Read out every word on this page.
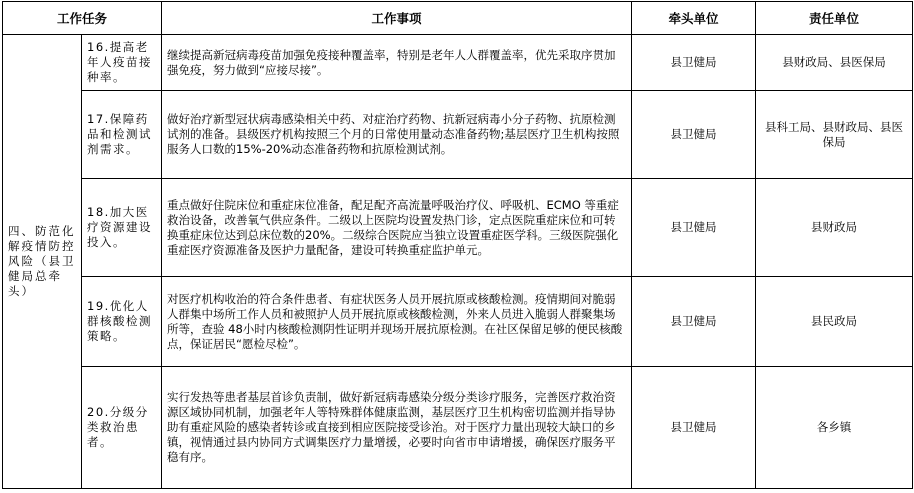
工作任务		工作事项	牵头单位	责任单位
四、防范化解疫情防控风险（县卫健局总牵头）	16.提高老年人疫苗接种率。	继续提高新冠病毒疫苗加强免疫接种覆盖率，特别是老年人人群覆盖率，优先采取序贯加强免疫，努力做到“应接尽接”。	县卫健局	县财政局、县医保局
	17.保障药品和检测试剂需求。	做好治疗新型冠状病毒感染相关中药、对症治疗药物、抗新冠病毒小分子药物、抗原检测试剂的准备。县级医疗机构按照三个月的日常使用量动态准备药物;基层医疗卫生机构按照服务人口数的15%-20%动态准备药物和抗原检测试剂。	县卫健局	县科工局、县财政局、县医保局
	18.加大医疗资源建设投入。	重点做好住院床位和重症床位准备，配足配齐高流量呼吸治疗仪、呼吸机、ECMO 等重症救治设备，改善氧气供应条件。二级以上医院均设置发热门诊，定点医院重症床位和可转换重症床位达到总床位数的20%。二级综合医院应当独立设置重症医学科。三级医院强化重症医疗资源准备及医护力量配备，建设可转换重症监护单元。	县卫健局	县财政局
	19.优化人群核酸检测策略。	对医疗机构收治的符合条件患者、有症状医务人员开展抗原或核酸检测。疫情期间对脆弱人群集中场所工作人员和被照护人员开展抗原或核酸检测，外来人员进入脆弱人群聚集场所等，查验 48小时内核酸检测阴性证明并现场开展抗原检测。在社区保留足够的便民核酸点，保证居民“愿检尽检”。	县卫健局	县民政局
	20.分级分类救治患者。	实行发热等患者基层首诊负责制，做好新冠病毒感染分级分类诊疗服务，完善医疗救治资源区域协同机制，加强老年人等特殊群体健康监测，基层医疗卫生机构密切监测并指导协助有重症风险的感染者转诊或直接到相应医院接受诊治。对于医疗力量出现较大缺口的乡镇，视情通过县内协同方式调集医疗力量增援，必要时向省市申请增援，确保医疗服务平稳有序。	县卫健局	各乡镇
